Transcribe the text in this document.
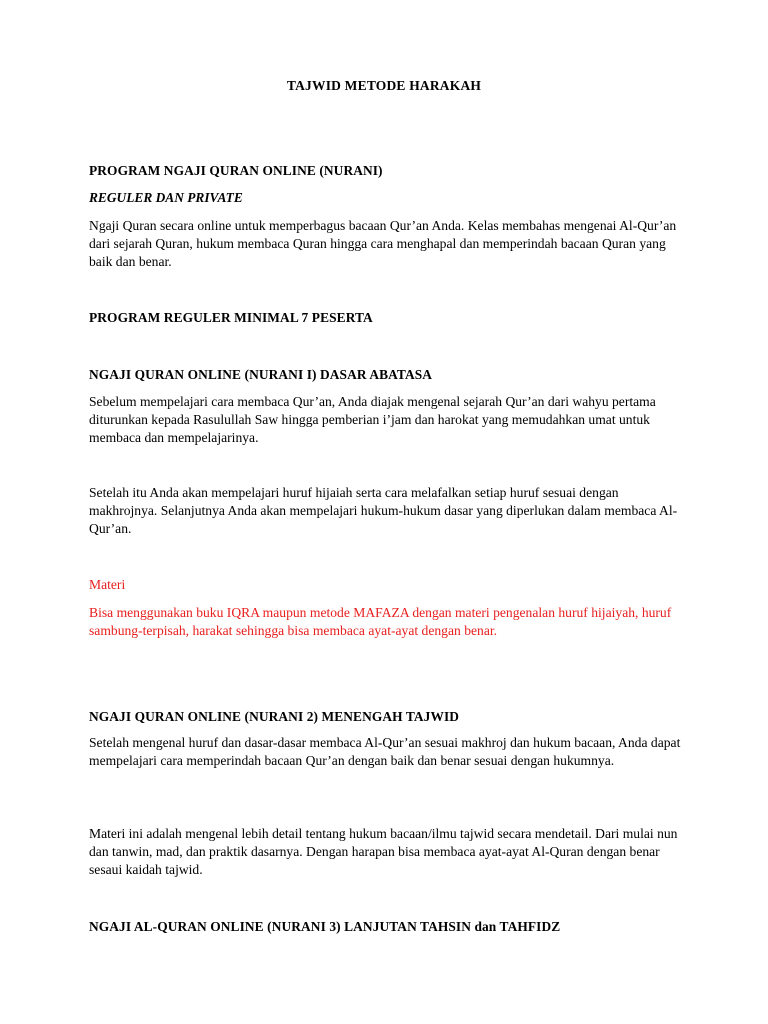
TAJWID METODE HARAKAH

PROGRAM NGAJI QURAN ONLINE (NURANI)

REGULER DAN PRIVATE

Ngaji Quran secara online untuk memperbagus bacaan Qur’an Anda. Kelas membahas mengenai Al-Qur’an dari sejarah Quran, hukum membaca Quran hingga cara menghapal dan memperindah bacaan Quran yang baik dan benar.

PROGRAM REGULER MINIMAL 7 PESERTA

NGAJI QURAN ONLINE (NURANI I) DASAR ABATASA

Sebelum mempelajari cara membaca Qur’an, Anda diajak mengenal sejarah Qur’an dari wahyu pertama diturunkan kepada Rasulullah Saw hingga pemberian i’jam dan harokat yang memudahkan umat untuk membaca dan mempelajarinya.

Setelah itu Anda akan mempelajari huruf hijaiah serta cara melafalkan setiap huruf sesuai dengan makhrojnya. Selanjutnya Anda akan mempelajari hukum-hukum dasar yang diperlukan dalam membaca Al-Qur’an.

Materi

Bisa menggunakan buku IQRA maupun metode MAFAZA dengan materi pengenalan huruf hijaiyah, huruf sambung-terpisah, harakat sehingga bisa membaca ayat-ayat dengan benar.

NGAJI QURAN ONLINE (NURANI 2) MENENGAH TAJWID

Setelah mengenal huruf dan dasar-dasar membaca Al-Qur’an sesuai makhroj dan hukum bacaan, Anda dapat mempelajari cara memperindah bacaan Qur’an dengan baik dan benar sesuai dengan hukumnya.

Materi ini adalah mengenal lebih detail tentang hukum bacaan/ilmu tajwid secara mendetail. Dari mulai nun dan tanwin, mad, dan praktik dasarnya. Dengan harapan bisa membaca ayat-ayat Al-Quran dengan benar sesaui kaidah tajwid.

NGAJI AL-QURAN ONLINE (NURANI 3) LANJUTAN TAHSIN dan TAHFIDZ
